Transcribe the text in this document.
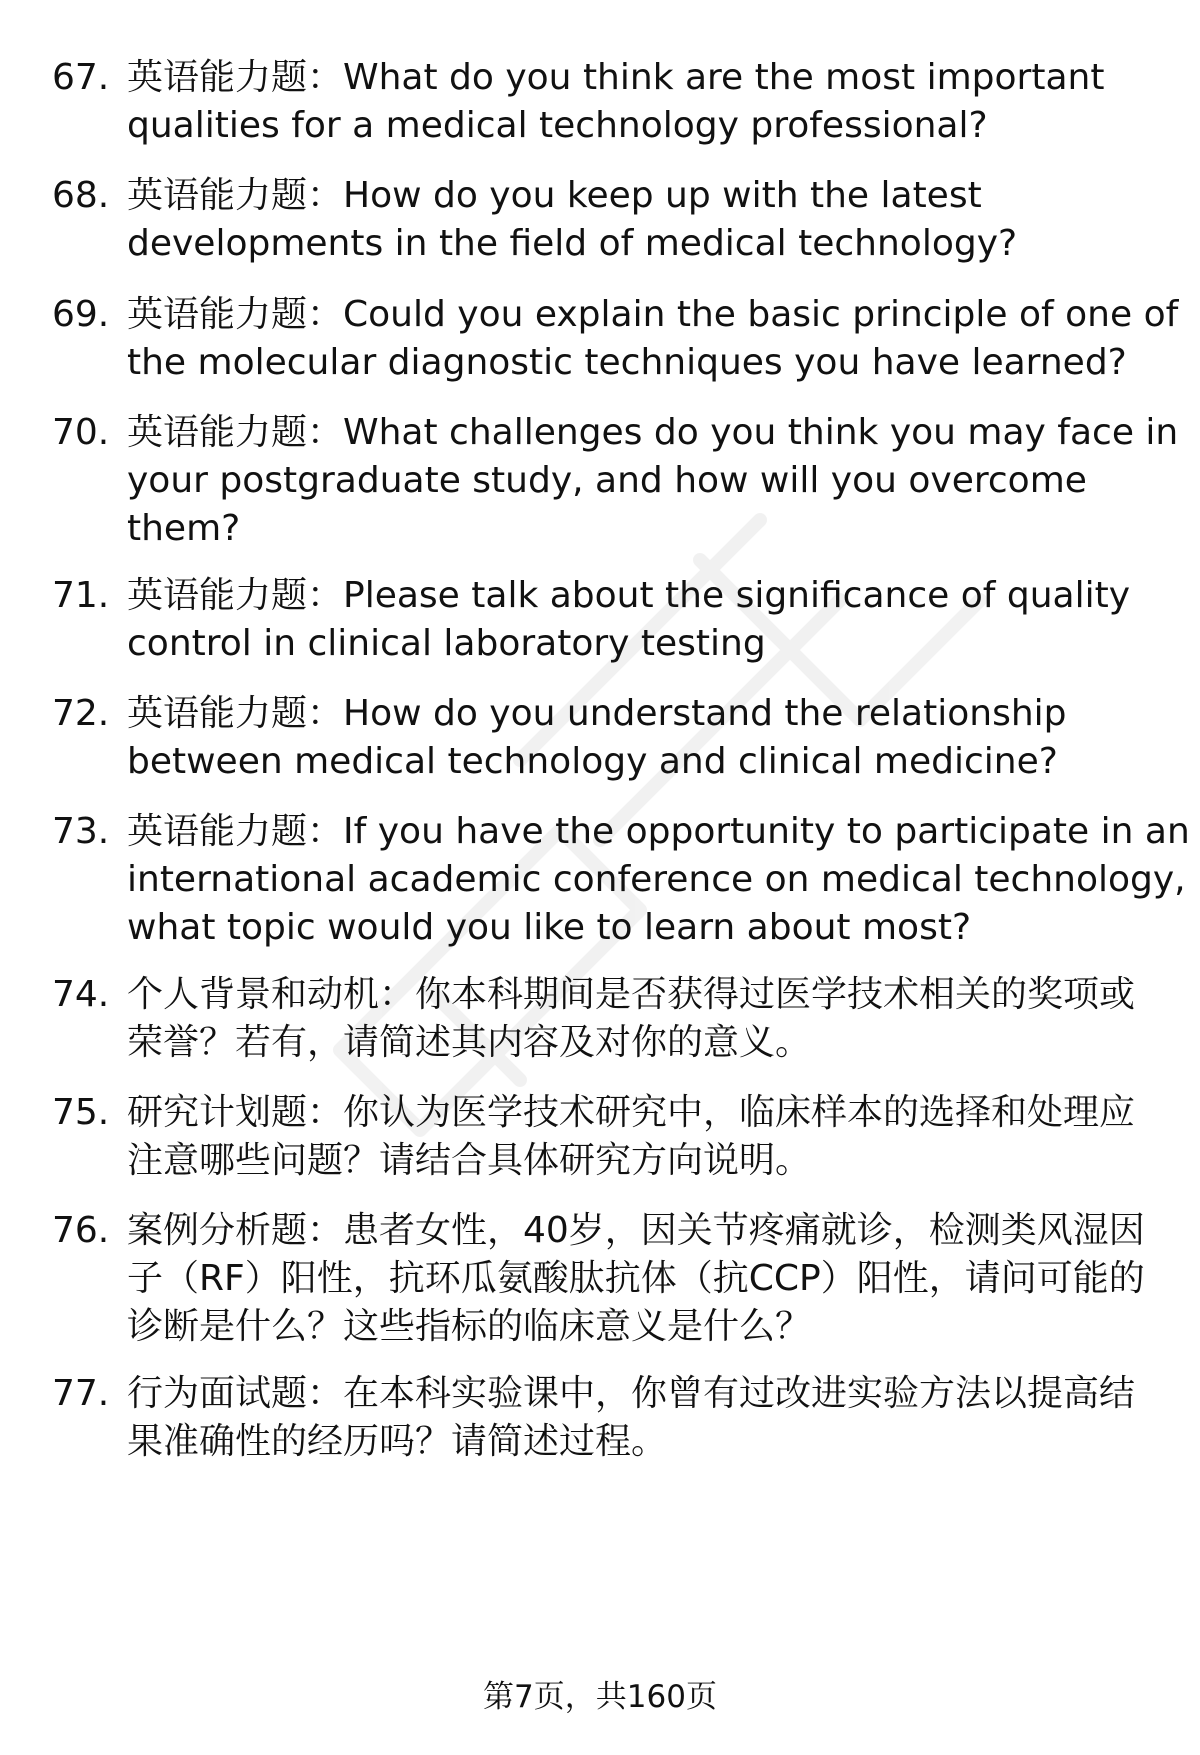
67. 英语能力题：What do you think are the most important
qualities for a medical technology professional?
68. 英语能力题：How do you keep up with the latest
developments in the field of medical technology?
69. 英语能力题：Could you explain the basic principle of one of
the molecular diagnostic techniques you have learned?
70. 英语能力题：What challenges do you think you may face in
your postgraduate study, and how will you overcome
them?
71. 英语能力题：Please talk about the significance of quality
control in clinical laboratory testing
72. 英语能力题：How do you understand the relationship
between medical technology and clinical medicine?
73. 英语能力题：If you have the opportunity to participate in an
international academic conference on medical technology,
what topic would you like to learn about most?
74. 个人背景和动机：你本科期间是否获得过医学技术相关的奖项或
荣誉？若有，请简述其内容及对你的意义。
75. 研究计划题：你认为医学技术研究中，临床样本的选择和处理应
注意哪些问题？请结合具体研究方向说明。
76. 案例分析题：患者女性，40岁，因关节疼痛就诊，检测类风湿因
子（RF）阳性，抗环瓜氨酸肽抗体（抗CCP）阳性，请问可能的
诊断是什么？这些指标的临床意义是什么？
77. 行为面试题：在本科实验课中，你曾有过改进实验方法以提高结
果准确性的经历吗？请简述过程。
第7页，共160页
